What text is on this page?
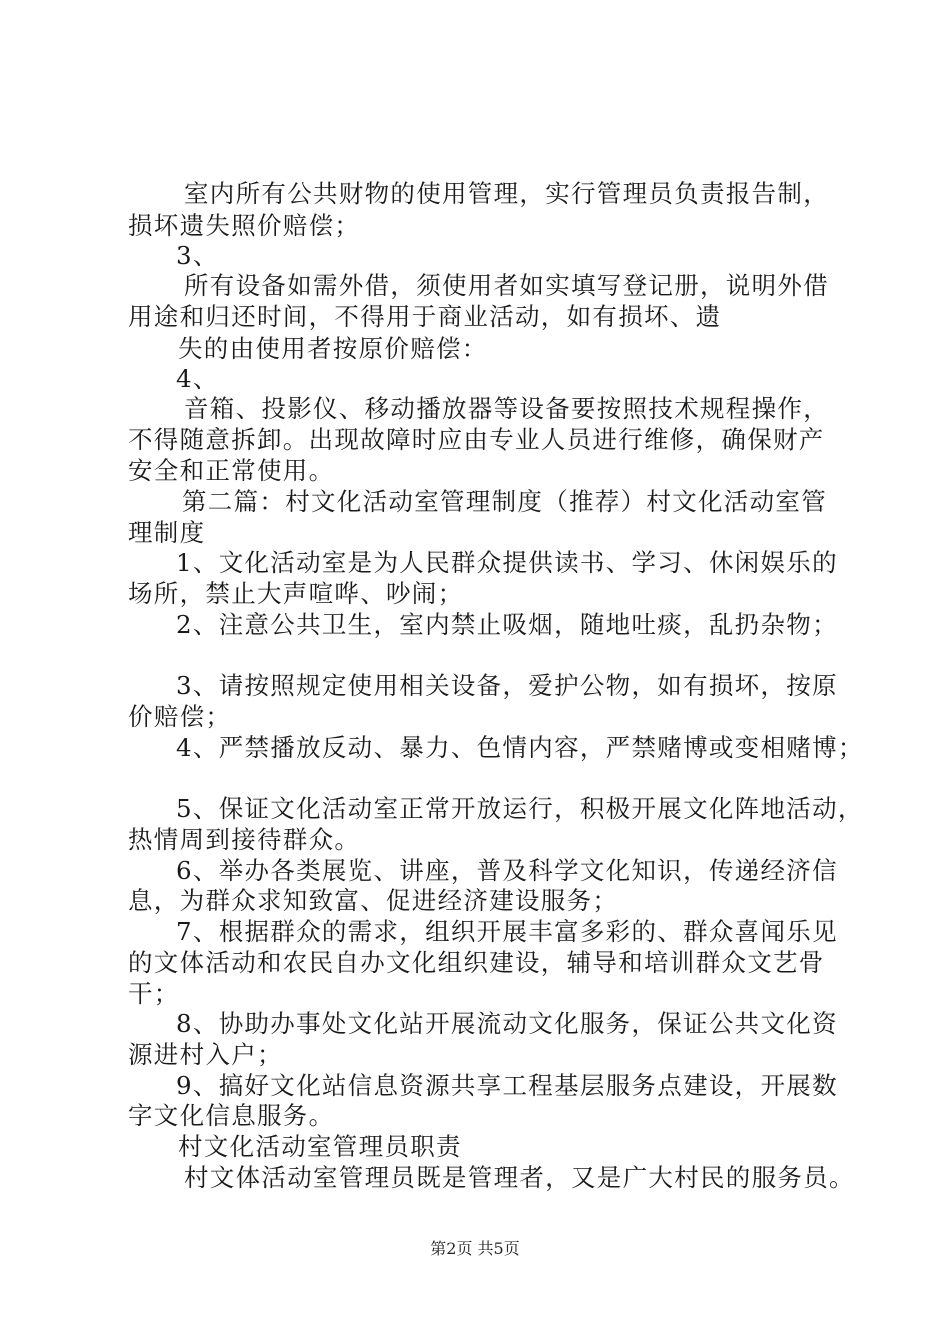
室内所有公共财物的使用管理，实行管理员负责报告制，
损坏遗失照价赔偿；
3、
所有设备如需外借，须使用者如实填写登记册，说明外借
用途和归还时间，不得用于商业活动，如有损坏、遗
失的由使用者按原价赔偿：
4、
音箱、投影仪、移动播放器等设备要按照技术规程操作，
不得随意拆卸。出现故障时应由专业人员进行维修，确保财产
安全和正常使用。
第二篇：村文化活动室管理制度（推荐）村文化活动室管
理制度
1、文化活动室是为人民群众提供读书、学习、休闲娱乐的
场所，禁止大声喧哗、吵闹；
2、注意公共卫生，室内禁止吸烟，随地吐痰，乱扔杂物；
3、请按照规定使用相关设备，爱护公物，如有损坏，按原
价赔偿；
4、严禁播放反动、暴力、色情内容，严禁赌博或变相赌博；
5、保证文化活动室正常开放运行，积极开展文化阵地活动，
热情周到接待群众。
6、举办各类展览、讲座，普及科学文化知识，传递经济信
息，为群众求知致富、促进经济建设服务；
7、根据群众的需求，组织开展丰富多彩的、群众喜闻乐见
的文体活动和农民自办文化组织建设，辅导和培训群众文艺骨
干；
8、协助办事处文化站开展流动文化服务，保证公共文化资
源进村入户；
9、搞好文化站信息资源共享工程基层服务点建设，开展数
字文化信息服务。
村文化活动室管理员职责
村文体活动室管理员既是管理者，又是广大村民的服务员。
第2页 共5页
